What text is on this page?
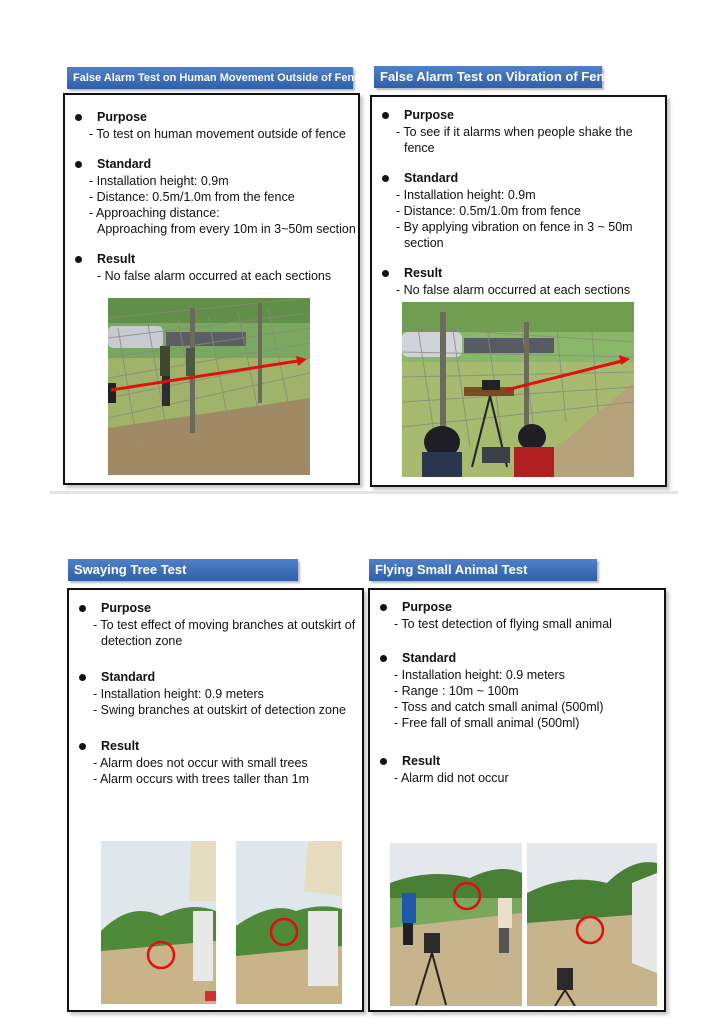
False Alarm Test on Human Movement Outside of Fence
Purpose
- To test on human movement outside of fence
Standard
- Installation height: 0.9m
- Distance: 0.5m/1.0m from the fence
- Approaching distance:
Approaching from every 10m in 3~50m section
Result
- No false alarm occurred at each sections
False Alarm Test on Vibration of Fence
Purpose
- To see if it alarms when people shake the fence
Standard
- Installation height: 0.9m
- Distance: 0.5m/1.0m from fence
- By applying vibration on fence in 3 ~ 50m section
Result
- No false alarm occurred at each sections
Swaying Tree Test
Purpose
- To test effect of moving branches at outskirt of detection zone
Standard
- Installation height: 0.9 meters
- Swing branches at outskirt of detection zone
Result
- Alarm does not occur with small trees
- Alarm occurs with trees taller than 1m
Flying Small Animal Test
Purpose
- To test detection of flying small animal
Standard
- Installation height: 0.9 meters
- Range : 10m ~ 100m
- Toss and catch small animal (500ml)
- Free fall of small animal (500ml)
Result
- Alarm did not occur
